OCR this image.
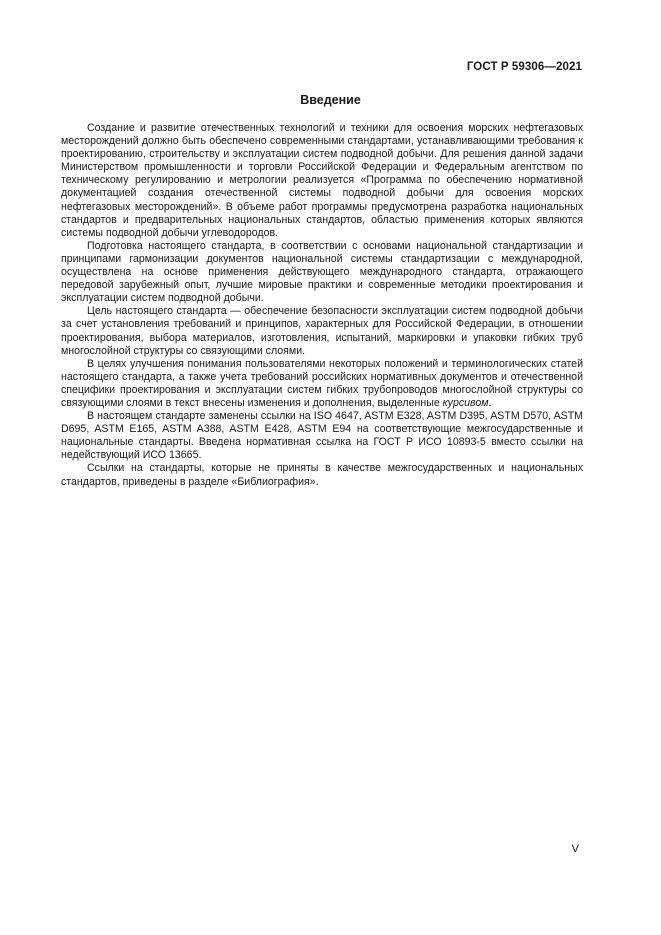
ГОСТ Р 59306—2021
Введение

Создание и развитие отечественных технологий и техники для освоения морских нефтегазовых месторождений должно быть обеспечено современными стандартами, устанавливающими требования к проектированию, строительству и эксплуатации систем подводной добычи. Для решения данной задачи Министерством промышленности и торговли Российской Федерации и Федеральным агентством по техническому регулированию и метрологии реализуется «Программа по обеспечению нормативной документацией создания отечественной системы подводной добычи для освоения морских нефтегазовых месторождений». В объеме работ программы предусмотрена разработка национальных стандартов и предварительных национальных стандартов, областью применения которых являются системы подводной добычи углеводородов.

Подготовка настоящего стандарта, в соответствии с основами национальной стандартизации и принципами гармонизации документов национальной системы стандартизации с международной, осуществлена на основе применения действующего международного стандарта, отражающего передовой зарубежный опыт, лучшие мировые практики и современные методики проектирования и эксплуатации систем подводной добычи.

Цель настоящего стандарта — обеспечение безопасности эксплуатации систем подводной добычи за счет установления требований и принципов, характерных для Российской Федерации, в отношении проектирования, выбора материалов, изготовления, испытаний, маркировки и упаковки гибких труб многослойной структуры со связующими слоями.

В целях улучшения понимания пользователями некоторых положений и терминологических статей настоящего стандарта, а также учета требований российских нормативных документов и отечественной специфики проектирования и эксплуатации систем гибких трубопроводов многослойной структуры со связующими слоями в текст внесены изменения и дополнения, выделенные курсивом.

В настоящем стандарте заменены ссылки на ISO 4647, ASTM E328, ASTM D395, ASTM D570, ASTM D695, ASTM E165, ASTM A388, ASTM E428, ASTM E94 на соответствующие межгосударственные и национальные стандарты. Введена нормативная ссылка на ГОСТ Р ИСО 10893-5 вместо ссылки на недействующий ИСО 13665.

Ссылки на стандарты, которые не приняты в качестве межгосударственных и национальных стандартов, приведены в разделе «Библиография».

V
